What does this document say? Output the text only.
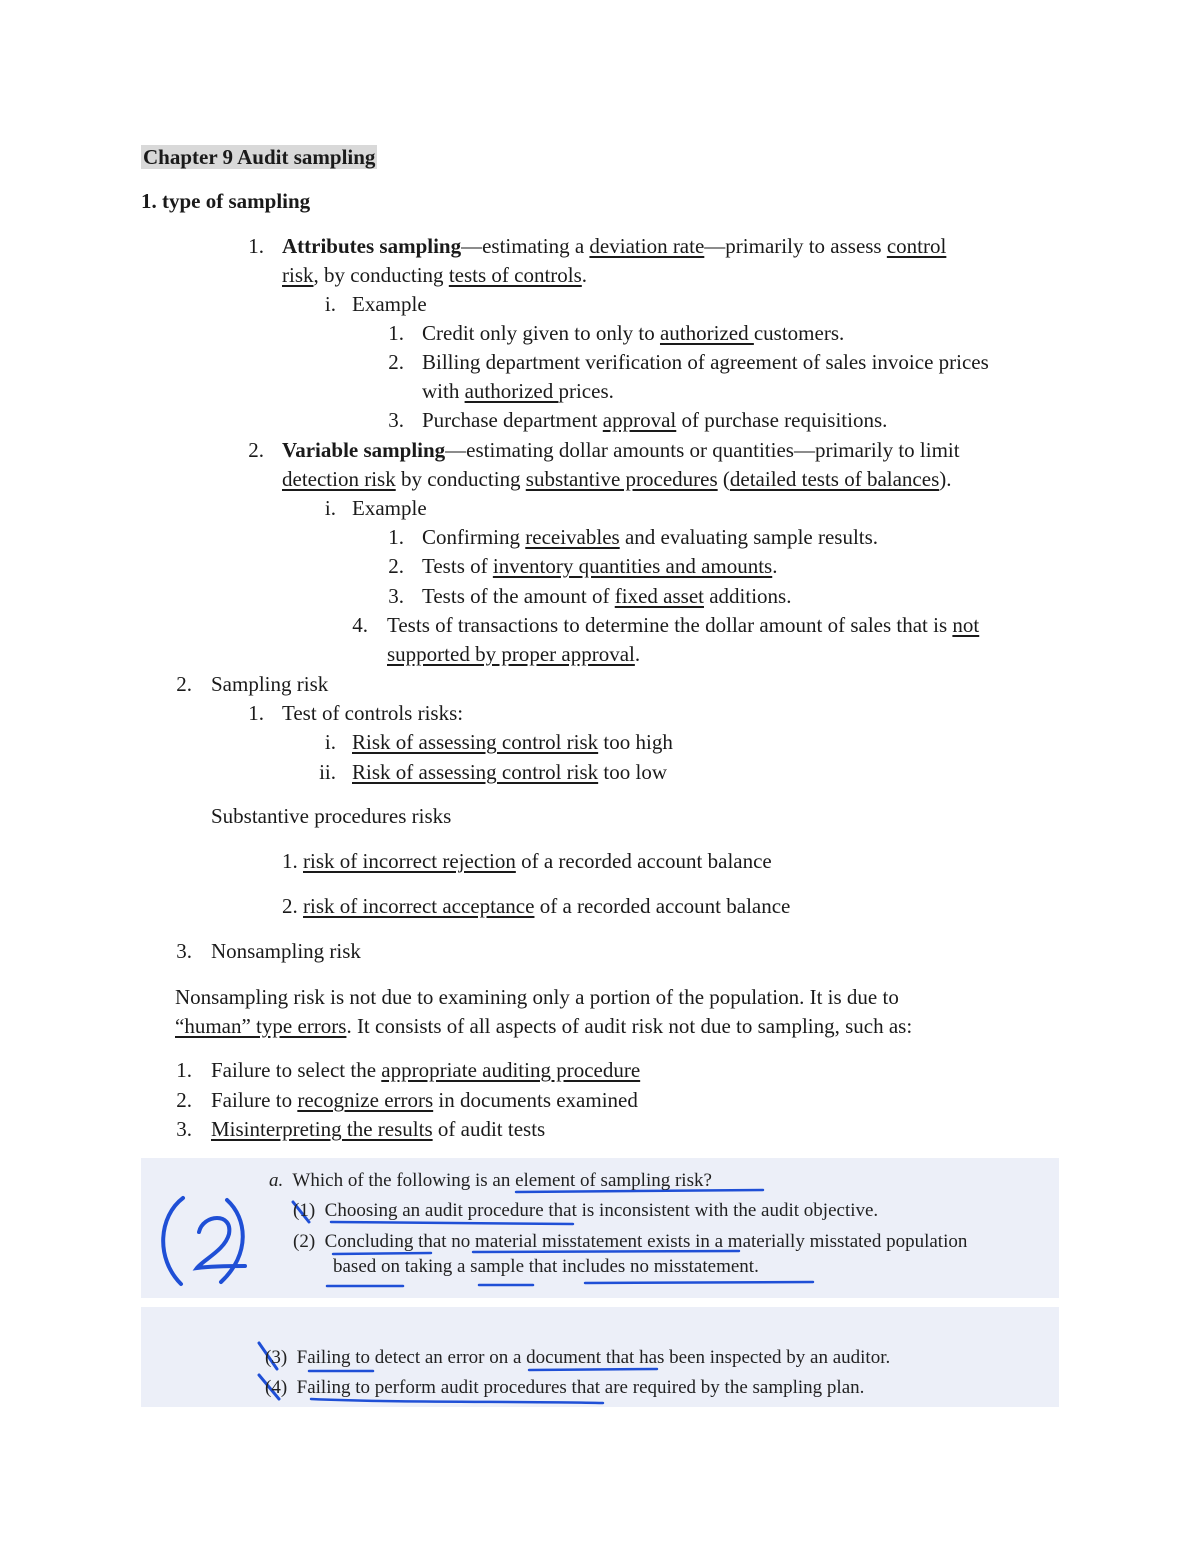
Chapter 9 Audit sampling
1. type of sampling
1. Attributes sampling—estimating a deviation rate—primarily to assess control
risk, by conducting tests of controls.
i. Example
1. Credit only given to only to authorized customers.
2. Billing department verification of agreement of sales invoice prices
with authorized prices.
3. Purchase department approval of purchase requisitions.
2. Variable sampling—estimating dollar amounts or quantities—primarily to limit
detection risk by conducting substantive procedures (detailed tests of balances).
i. Example
1. Confirming receivables and evaluating sample results.
2. Tests of inventory quantities and amounts.
3. Tests of the amount of fixed asset additions.
4. Tests of transactions to determine the dollar amount of sales that is not
supported by proper approval.
2. Sampling risk
1. Test of controls risks:
i. Risk of assessing control risk too high
ii. Risk of assessing control risk too low
Substantive procedures risks
1. risk of incorrect rejection of a recorded account balance
2. risk of incorrect acceptance of a recorded account balance
3. Nonsampling risk
Nonsampling risk is not due to examining only a portion of the population. It is due to
“human” type errors. It consists of all aspects of audit risk not due to sampling, such as:
1. Failure to select the appropriate auditing procedure
2. Failure to recognize errors in documents examined
3. Misinterpreting the results of audit tests
a. Which of the following is an element of sampling risk?
(1) Choosing an audit procedure that is inconsistent with the audit objective.
(2) Concluding that no material misstatement exists in a materially misstated population
based on taking a sample that includes no misstatement.
(3) Failing to detect an error on a document that has been inspected by an auditor.
(4) Failing to perform audit procedures that are required by the sampling plan.
